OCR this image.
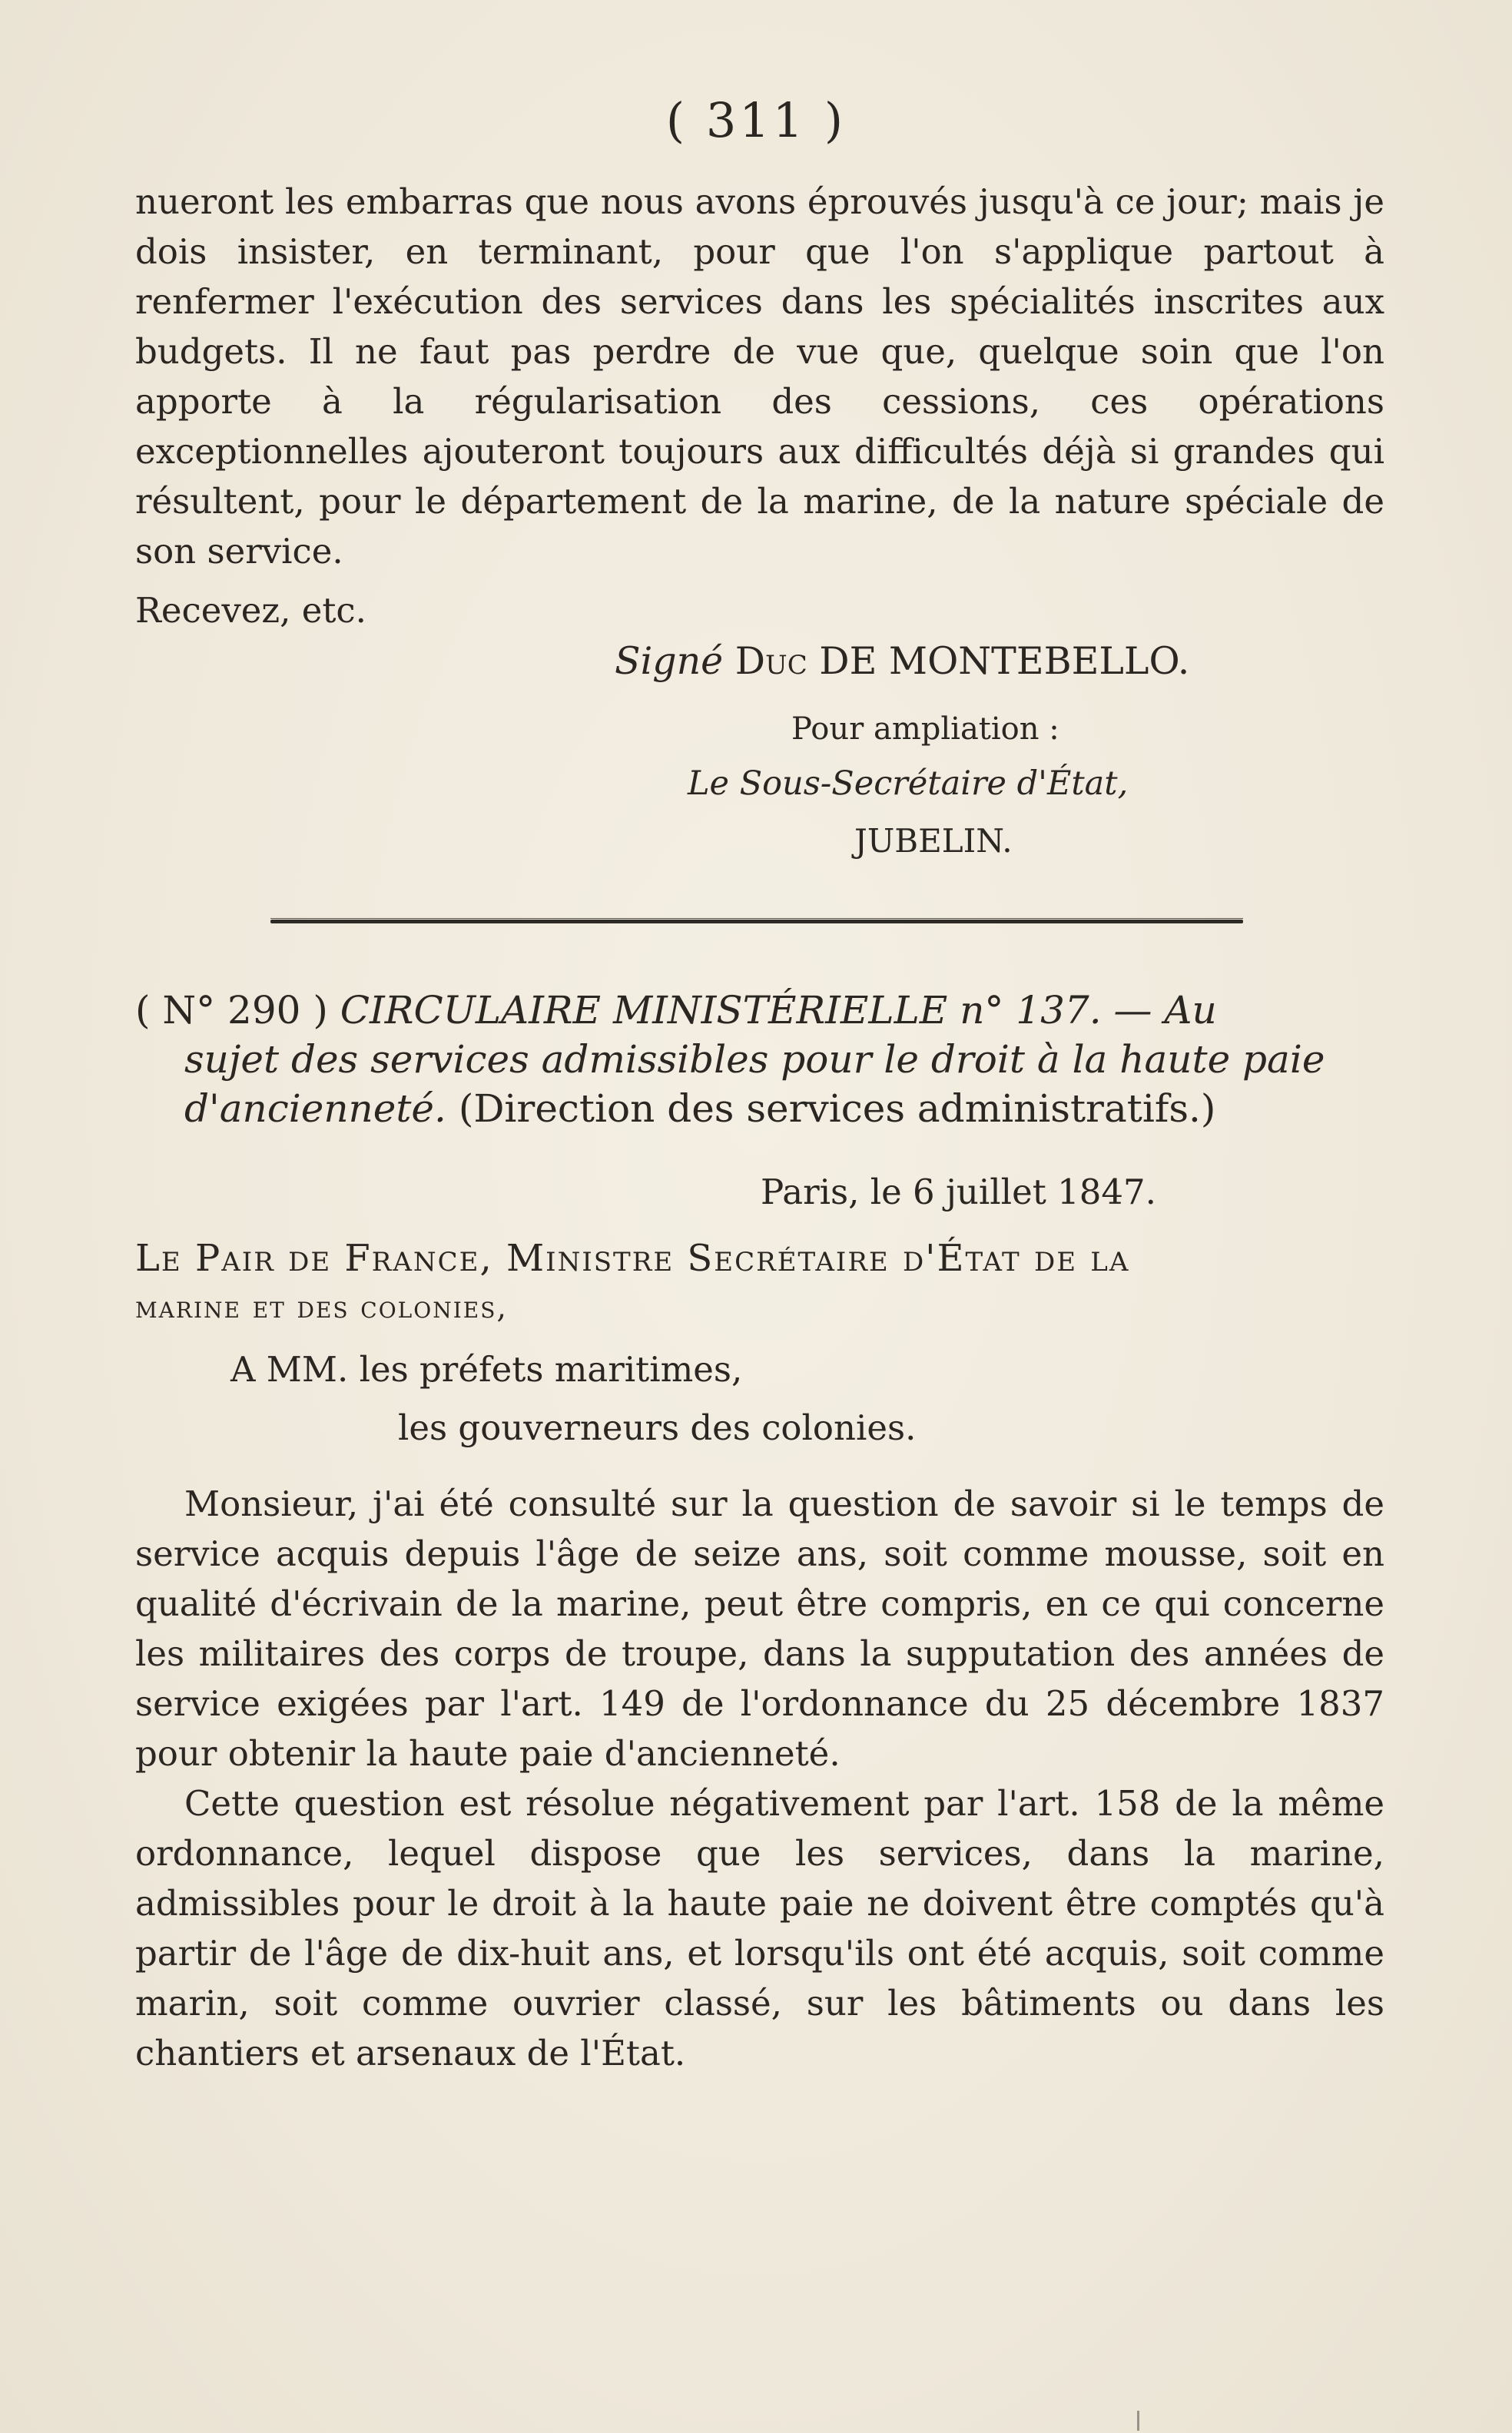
( 311 )

nueront les embarras que nous avons éprouvés jusqu'à ce jour; mais je dois insister, en terminant, pour que l'on s'applique partout à renfermer l'exécution des services dans les spécialités inscrites aux budgets. Il ne faut pas perdre de vue que, quelque soin que l'on apporte à la régularisation des cessions, ces opérations exceptionnelles ajouteront toujours aux difficultés déjà si grandes qui résultent, pour le département de la marine, de la nature spéciale de son service.

Recevez, etc.

Signé Duc DE MONTEBELLO.
Pour ampliation :
Le Sous-Secrétaire d'État,
JUBELIN.

( N° 290 ) CIRCULAIRE MINISTÉRIELLE n° 137. — Au

sujet des services admissibles pour le droit à la haute paie

d'ancienneté. (Direction des services administratifs.)

Paris, le 6 juillet 1847.

Le Pair de France, Ministre Secrétaire d'État de la

marine et des colonies,

A MM. les préfets maritimes,
les gouverneurs des colonies.

Monsieur, j'ai été consulté sur la question de savoir si le temps de service acquis depuis l'âge de seize ans, soit comme mousse, soit en qualité d'écrivain de la marine, peut être compris, en ce qui concerne les militaires des corps de troupe, dans la supputation des années de service exigées par l'art. 149 de l'ordonnance du 25 décembre 1837 pour obtenir la haute paie d'ancienneté.

Cette question est résolue négativement par l'art. 158 de la même ordonnance, lequel dispose que les services, dans la marine, admissibles pour le droit à la haute paie ne doivent être comptés qu'à partir de l'âge de dix-huit ans, et lorsqu'ils ont été acquis, soit comme marin, soit comme ouvrier classé, sur les bâtiments ou dans les chantiers et arsenaux de l'État.
